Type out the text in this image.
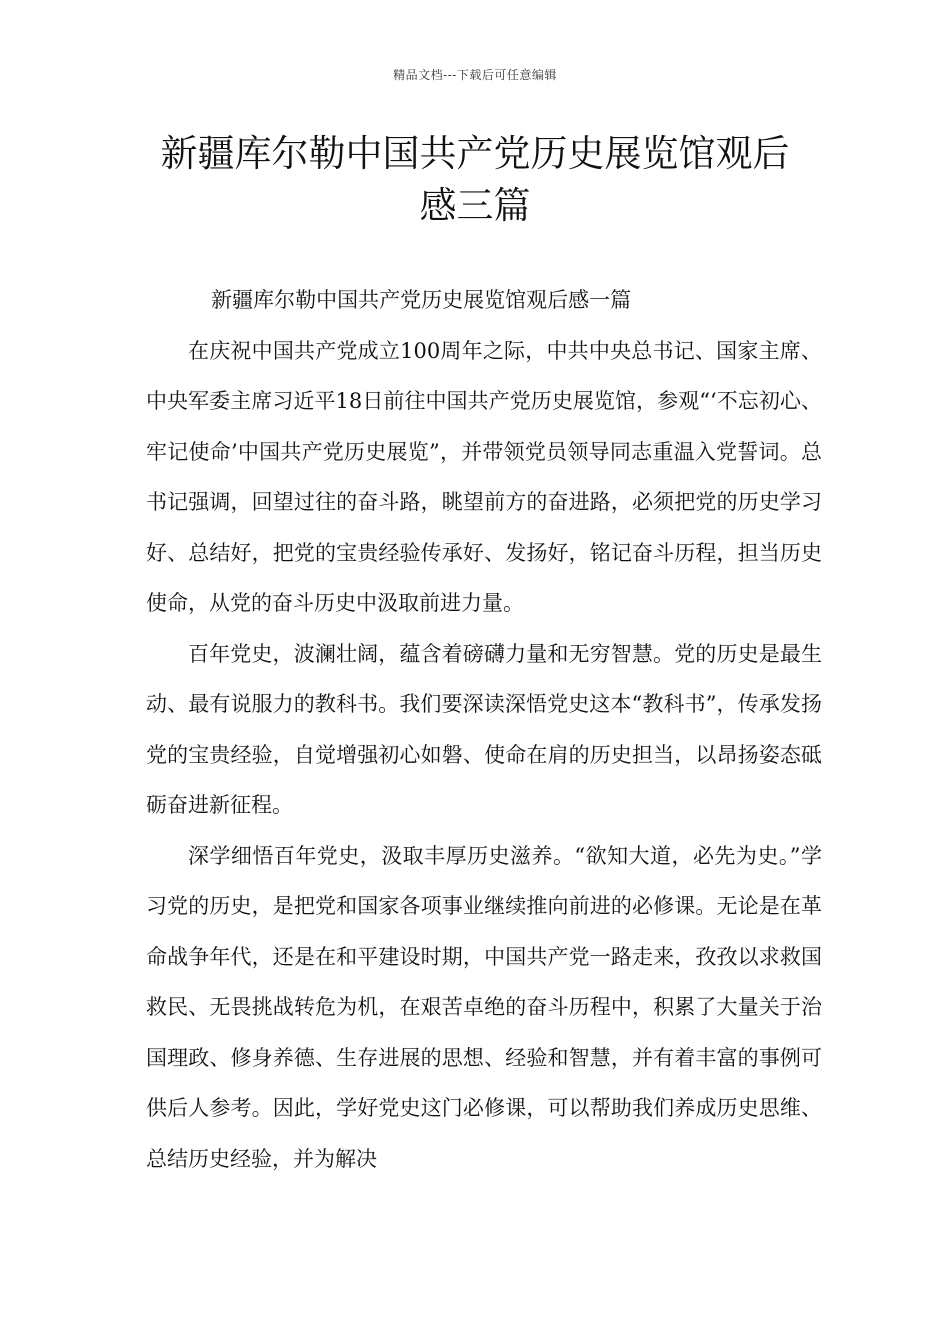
精品文档---下载后可任意编辑
新疆库尔勒中国共产党历史展览馆观后
感三篇

新疆库尔勒中国共产党历史展览馆观后感一篇

在庆祝中国共产党成立100周年之际，中共中央总书记、国家主席、中央军委主席习近平18日前往中国共产党历史展览馆，参观“‘不忘初心、牢记使命’中国共产党历史展览”，并带领党员领导同志重温入党誓词。总书记强调，回望过往的奋斗路，眺望前方的奋进路，必须把党的历史学习好、总结好，把党的宝贵经验传承好、发扬好，铭记奋斗历程，担当历史使命，从党的奋斗历史中汲取前进力量。

百年党史，波澜壮阔，蕴含着磅礴力量和无穷智慧。党的历史是最生动、最有说服力的教科书。我们要深读深悟党史这本“教科书”，传承发扬党的宝贵经验，自觉增强初心如磐、使命在肩的历史担当，以昂扬姿态砥砺奋进新征程。

深学细悟百年党史，汲取丰厚历史滋养。“欲知大道，必先为史。”学习党的历史，是把党和国家各项事业继续推向前进的必修课。无论是在革命战争年代，还是在和平建设时期，中国共产党一路走来，孜孜以求救国救民、无畏挑战转危为机，在艰苦卓绝的奋斗历程中，积累了大量关于治国理政、修身养德、生存进展的思想、经验和智慧，并有着丰富的事例可供后人参考。因此，学好党史这门必修课，可以帮助我们养成历史思维、总结历史经验，并为解决
